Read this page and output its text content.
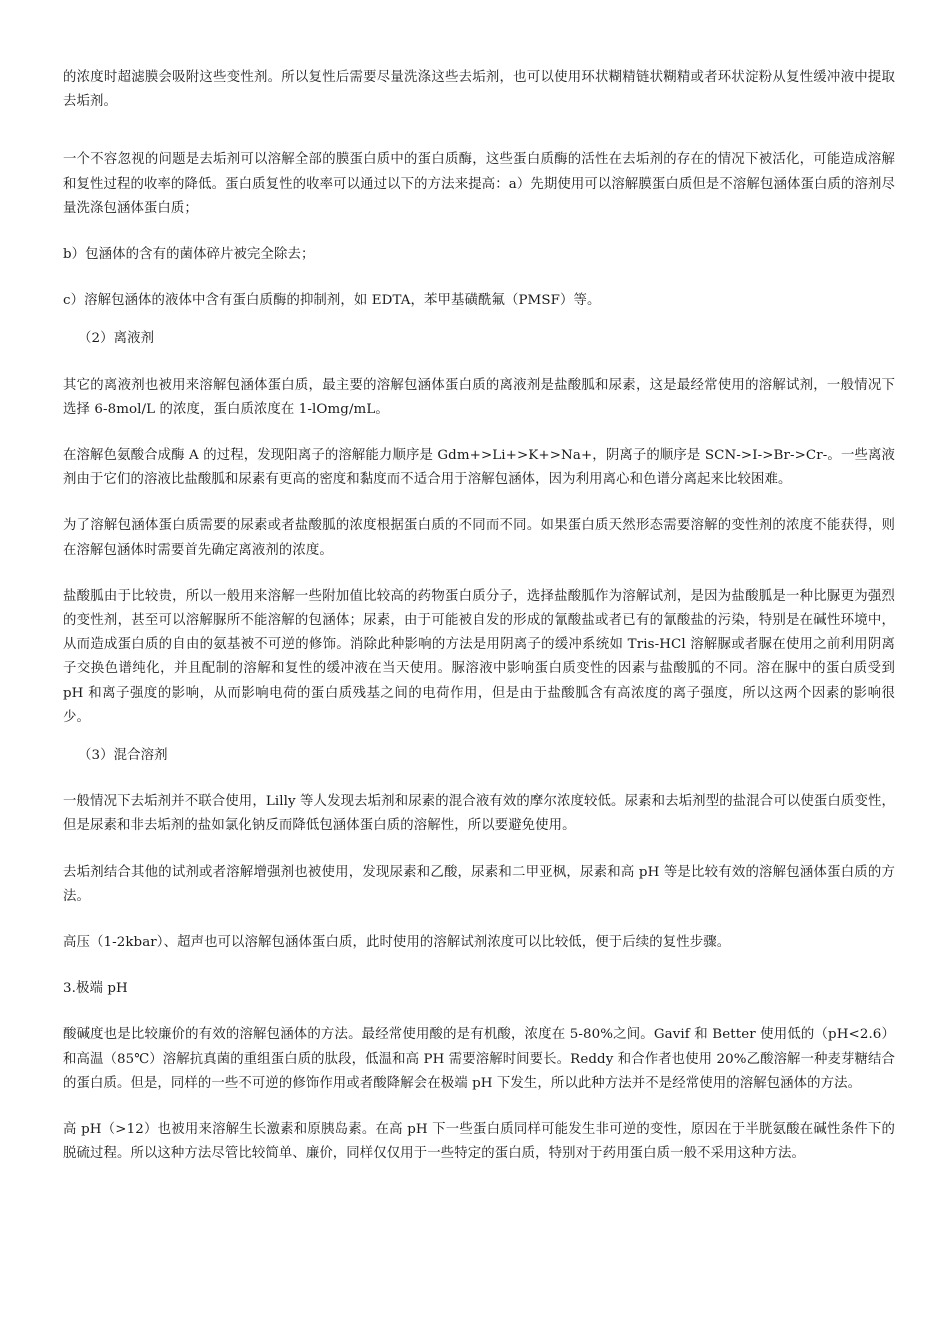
的浓度时超滤膜会吸附这些变性剂。所以复性后需要尽量洗涤这些去垢剂，也可以使用环状糊精链状糊精或者环状淀粉从复性缓冲液中提取去垢剂。

一个不容忽视的问题是去垢剂可以溶解全部的膜蛋白质中的蛋白质酶，这些蛋白质酶的活性在去垢剂的存在的情况下被活化，可能造成溶解和复性过程的收率的降低。蛋白质复性的收率可以通过以下的方法来提高：a）先期使用可以溶解膜蛋白质但是不溶解包涵体蛋白质的溶剂尽量洗涤包涵体蛋白质；

b）包涵体的含有的菌体碎片被完全除去；

c）溶解包涵体的液体中含有蛋白质酶的抑制剂，如 EDTA，苯甲基磺酰氟（PMSF）等。

（2）离液剂

其它的离液剂也被用来溶解包涵体蛋白质，最主要的溶解包涵体蛋白质的离液剂是盐酸胍和尿素，这是最经常使用的溶解试剂，一般情况下选择 6-8mol/L 的浓度，蛋白质浓度在 1-lOmg/mL。

在溶解色氨酸合成酶 A 的过程，发现阳离子的溶解能力顺序是 Gdm+>Li+>K+>Na+，阴离子的顺序是 SCN->I->Br->Cr-。一些离液剂由于它们的溶液比盐酸胍和尿素有更高的密度和黏度而不适合用于溶解包涵体，因为利用离心和色谱分离起来比较困难。

为了溶解包涵体蛋白质需要的尿素或者盐酸胍的浓度根据蛋白质的不同而不同。如果蛋白质天然形态需要溶解的变性剂的浓度不能获得，则在溶解包涵体时需要首先确定离液剂的浓度。

盐酸胍由于比较贵，所以一般用来溶解一些附加值比较高的药物蛋白质分子，选择盐酸胍作为溶解试剂，是因为盐酸胍是一种比脲更为强烈的变性剂，甚至可以溶解脲所不能溶解的包涵体；尿素，由于可能被自发的形成的氰酸盐或者已有的氰酸盐的污染，特别是在碱性环境中，从而造成蛋白质的自由的氨基被不可逆的修饰。消除此种影响的方法是用阴离子的缓冲系统如 Tris-HCl 溶解脲或者脲在使用之前利用阴离子交换色谱纯化，并且配制的溶解和复性的缓冲液在当天使用。脲溶液中影响蛋白质变性的因素与盐酸胍的不同。溶在脲中的蛋白质受到 pH 和离子强度的影响，从而影响电荷的蛋白质残基之间的电荷作用，但是由于盐酸胍含有高浓度的离子强度，所以这两个因素的影响很少。

（3）混合溶剂

一般情况下去垢剂并不联合使用，Lilly 等人发现去垢剂和尿素的混合液有效的摩尔浓度较低。尿素和去垢剂型的盐混合可以使蛋白质变性，但是尿素和非去垢剂的盐如氯化钠反而降低包涵体蛋白质的溶解性，所以要避免使用。

去垢剂结合其他的试剂或者溶解增强剂也被使用，发现尿素和乙酸，尿素和二甲亚枫，尿素和高 pH 等是比较有效的溶解包涵体蛋白质的方法。

高压（1-2kbar）、超声也可以溶解包涵体蛋白质，此时使用的溶解试剂浓度可以比较低，便于后续的复性步骤。

3.极端 pH

酸碱度也是比较廉价的有效的溶解包涵体的方法。最经常使用酸的是有机酸，浓度在 5-80%之间。Gavif 和 Better 使用低的（pH<2.6）和高温（85℃）溶解抗真菌的重组蛋白质的肽段，低温和高 PH 需要溶解时间要长。Reddy 和合作者也使用 20%乙酸溶解一种麦芽糖结合的蛋白质。但是，同样的一些不可逆的修饰作用或者酸降解会在极端 pH 下发生，所以此种方法并不是经常使用的溶解包涵体的方法。

高 pH（>12）也被用来溶解生长激素和原胰岛素。在高 pH 下一些蛋白质同样可能发生非可逆的变性，原因在于半胱氨酸在碱性条件下的脱硫过程。所以这种方法尽管比较简单、廉价，同样仅仅用于一些特定的蛋白质，特别对于药用蛋白质一般不采用这种方法。
